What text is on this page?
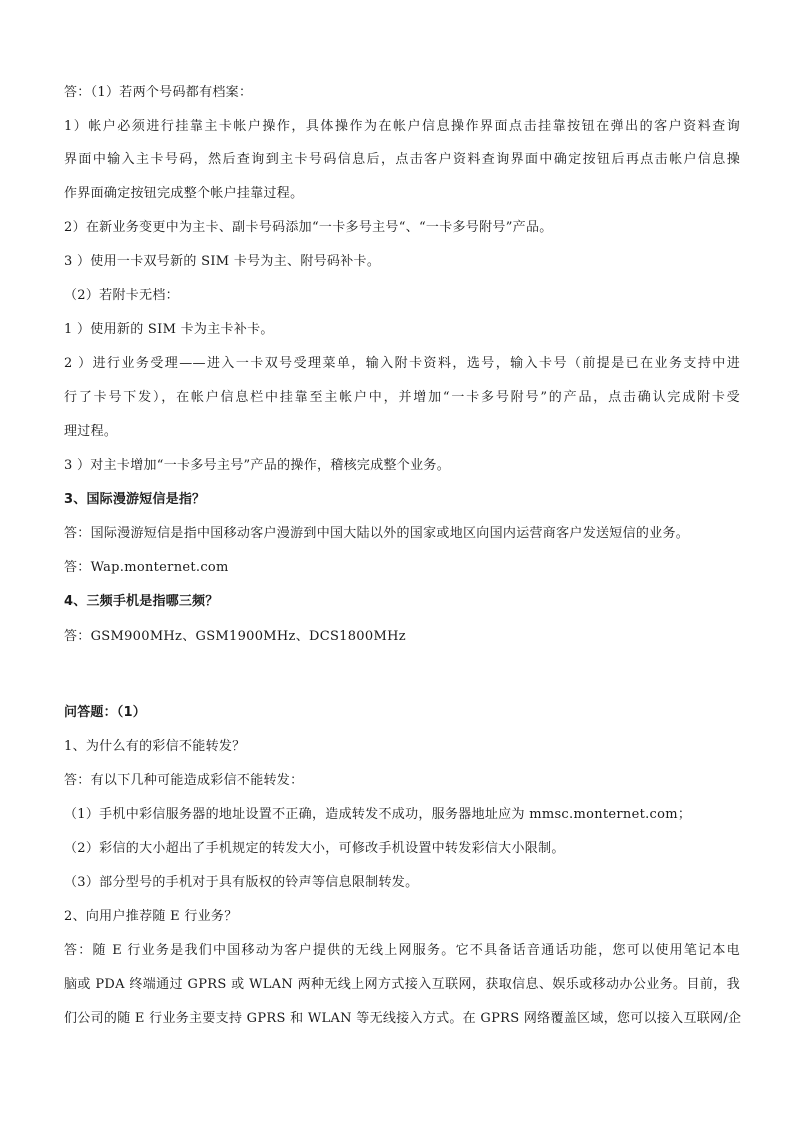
答：（1）若两个号码都有档案：
1）帐户必须进行挂靠主卡帐户操作，具体操作为在帐户信息操作界面点击挂靠按钮在弹出的客户资料查询
界面中输入主卡号码，然后查询到主卡号码信息后，点击客户资料查询界面中确定按钮后再点击帐户信息操
作界面确定按钮完成整个帐户挂靠过程。
2）在新业务变更中为主卡、副卡号码添加“一卡多号主号“、“一卡多号附号”产品。
3 ）使用一卡双号新的 SIM 卡号为主、附号码补卡。
（2）若附卡无档：
1 ）使用新的 SIM 卡为主卡补卡。
2 ）进行业务受理——进入一卡双号受理菜单，输入附卡资料，选号，输入卡号（前提是已在业务支持中进
行了卡号下发），在帐户信息栏中挂靠至主帐户中，并增加“一卡多号附号”的产品，点击确认完成附卡受
理过程。
3 ）对主卡增加“一卡多号主号”产品的操作，稽核完成整个业务。
3、国际漫游短信是指？
答：国际漫游短信是指中国移动客户漫游到中国大陆以外的国家或地区向国内运营商客户发送短信的业务。
答：Wap.monternet.com
4、三频手机是指哪三频？
答：GSM900MHz、GSM1900MHz、DCS1800MHz
问答题：（1）
1、为什么有的彩信不能转发？
答：有以下几种可能造成彩信不能转发：
（1）手机中彩信服务器的地址设置不正确，造成转发不成功，服务器地址应为 mmsc.monternet.com；
（2）彩信的大小超出了手机规定的转发大小，可修改手机设置中转发彩信大小限制。
（3）部分型号的手机对于具有版权的铃声等信息限制转发。
2、向用户推荐随 E 行业务？
答：随 E 行业务是我们中国移动为客户提供的无线上网服务。它不具备话音通话功能，您可以使用笔记本电
脑或 PDA 终端通过 GPRS 或 WLAN 两种无线上网方式接入互联网，获取信息、娱乐或移动办公业务。目前，我
们公司的随 E 行业务主要支持 GPRS 和 WLAN 等无线接入方式。在 GPRS 网络覆盖区域，您可以接入互联网/企
